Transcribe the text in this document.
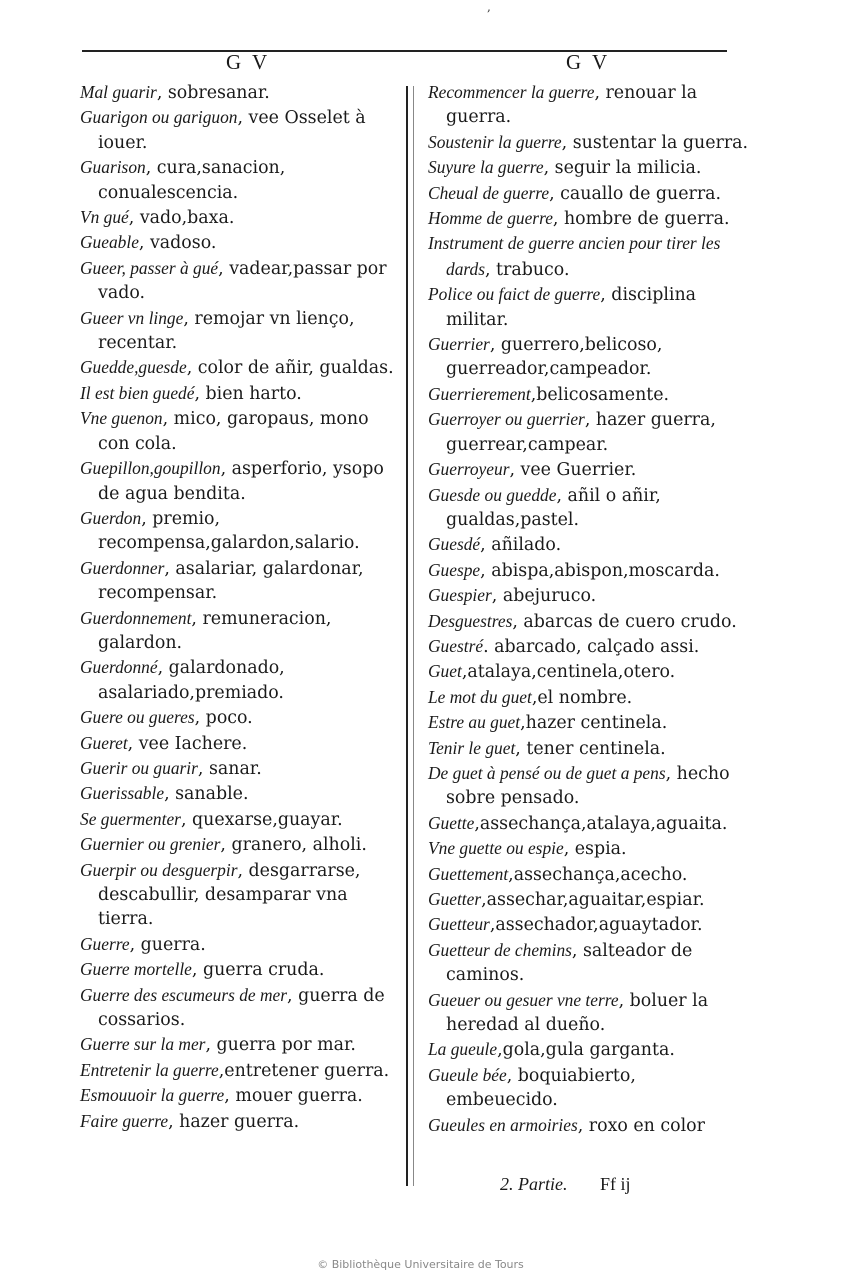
,
G V	G V
Mal guarir, sobresanar.
Guarigon ou gariguon, vee Osselet à iouer.
Guarison, cura,sanacion, conualescencia.
Vn gué, vado,baxa.
Gueable, vadoso.
Gueer, passer à gué, vadear,passar por vado.
Gueer vn linge, remojar vn lienço, recentar.
Guedde,guesde, color de añir, gualdas.
Il est bien guedé, bien harto.
Vne guenon, mico, garopaus, mono con cola.
Guepillon,goupillon, asperforio, ysopo de agua bendita.
Guerdon, premio, recompensa,galardon,salario.
Guerdonner, asalariar, galardonar, recompensar.
Guerdonnement, remuneracion, galardon.
Guerdonné, galardonado, asalariado,premiado.
Guere ou gueres, poco.
Gueret, vee Iachere.
Guerir ou guarir, sanar.
Guerissable, sanable.
Se guermenter, quexarse,guayar.
Guernier ou grenier, granero, alholi.
Guerpir ou desguerpir, desgarrarse, descabullir, desamparar vna tierra.
Guerre, guerra.
Guerre mortelle, guerra cruda.
Guerre des escumeurs de mer, guerra de cossarios.
Guerre sur la mer, guerra por mar.
Entretenir la guerre,entretener guerra.
Esmouuoir la guerre, mouer guerra.
Faire guerre, hazer guerra.
Recommencer la guerre, renouar la guerra.
Soustenir la guerre, sustentar la guerra.
Suyure la guerre, seguir la milicia.
Cheual de guerre, cauallo de guerra.
Homme de guerre, hombre de guerra.
Instrument de guerre ancien pour tirer les dards, trabuco.
Police ou faict de guerre, disciplina militar.
Guerrier, guerrero,belicoso, guerreador,campeador.
Guerrierement,belicosamente.
Guerroyer ou guerrier, hazer guerra, guerrear,campear.
Guerroyeur, vee Guerrier.
Guesde ou guedde, añil o añir, gualdas,pastel.
Guesdé, añilado.
Guespe, abispa,abispon,moscarda.
Guespier, abejuruco.
Desguestres, abarcas de cuero crudo.
Guestré. abarcado, calçado assi.
Guet,atalaya,centinela,otero.
Le mot du guet,el nombre.
Estre au guet,hazer centinela.
Tenir le guet, tener centinela.
De guet à pensé ou de guet a pens, hecho sobre pensado.
Guette,assechança,atalaya,aguaita.
Vne guette ou espie, espia.
Guettement,assechança,acecho.
Guetter,assechar,aguaitar,espiar.
Guetteur,assechador,aguaytador.
Guetteur de chemins, salteador de caminos.
Gueuer ou gesuer vne terre, boluer la heredad al dueño.
La gueule,gola,gula garganta.
Gueule bée, boquiabierto, embeuecido.
Gueules en armoiries, roxo en color
2. Partie. Ff ij
© Bibliothèque Universitaire de Tours
